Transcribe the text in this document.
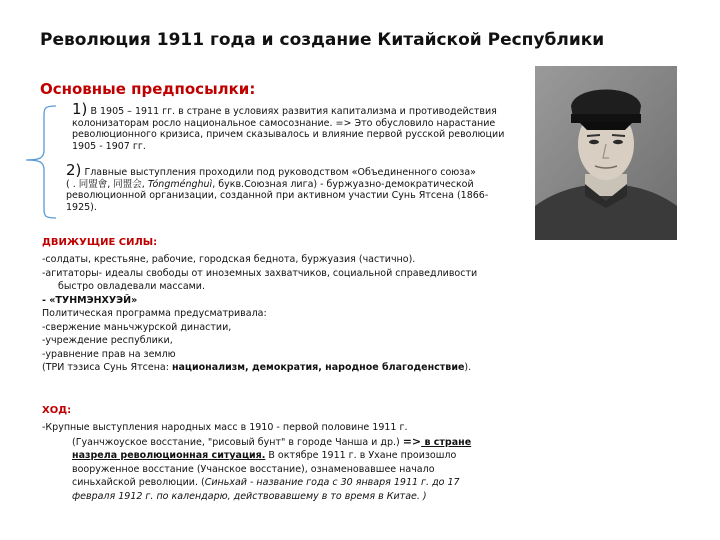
Революция 1911 года и создание Китайской Республики
Основные предпосылки:
1) В 1905 – 1911 гг. в стране в условиях развития капитализма и противодействия колонизаторам росло национальное самосознание. => Это обусловило нарастание революционного кризиса, причем сказывалось и влияние первой русской революции 1905 - 1907 гг.
2) Главные выступления проходили под руководством «Объединенного союза»
( . 同盟會, 同盟会, Tóngménghuì, букв.Союзная лига) - буржуазно-демократической революционной организации, созданной при активном участии Сунь Ятсена (1866-1925).
ДВИЖУЩИЕ СИЛЫ:
-солдаты, крестьяне, рабочие, городская беднота, буржуазия (частично).
-агитаторы- идеалы свободы от иноземных захватчиков, социальной справедливости
быстро овладевали массами.
- «ТУНМЭНХУЭЙ»
Политическая программа предусматривала:
-свержение маньчжурской династии,
-учреждение республики,
-уравнение прав на землю
(ТРИ тэзиса Сунь Ятсена: национализм, демократия, народное благоденствие).
ХОД:
-Крупные выступления народных масс в 1910 - первой половине 1911 г.
(Гуанчжоуское восстание, "рисовый бунт" в городе Чанша и др.) => в стране
назрела революционная ситуация. В октябре 1911 г. в Ухане произошло
вооруженное восстание (Учанское восстание), ознаменовавшее начало
синьхайской революции. (Синьхай - название года с 30 января 1911 г. до 17
февраля 1912 г. по календарю, действовавшему в то время в Китае. )
